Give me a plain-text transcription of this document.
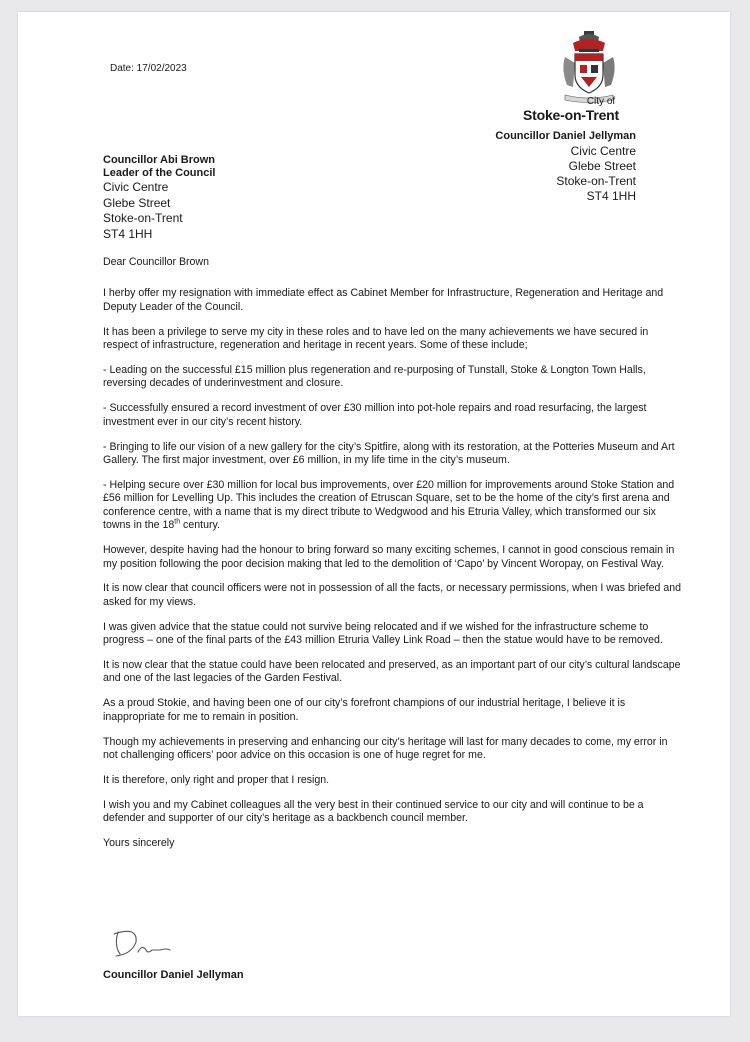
Date: 17/02/2023
City of
Stoke-on-Trent
Councillor Daniel Jellyman
Civic Centre
Glebe Street
Stoke-on-Trent
ST4 1HH
Councillor Abi Brown
Leader of the Council
Civic Centre
Glebe Street
Stoke-on-Trent
ST4 1HH

Dear Councillor Brown

I herby offer my resignation with immediate effect as Cabinet Member for Infrastructure, Regeneration and Heritage and Deputy Leader of the Council.

It has been a privilege to serve my city in these roles and to have led on the many achievements we have secured in respect of infrastructure, regeneration and heritage in recent years. Some of these include;

- Leading on the successful £15 million plus regeneration and re-purposing of Tunstall, Stoke & Longton Town Halls, reversing decades of underinvestment and closure.

- Successfully ensured a record investment of over £30 million into pot-hole repairs and road resurfacing, the largest investment ever in our city’s recent history.

- Bringing to life our vision of a new gallery for the city’s Spitfire, along with its restoration, at the Potteries Museum and Art Gallery. The first major investment, over £6 million, in my life time in the city’s museum.

- Helping secure over £30 million for local bus improvements, over £20 million for improvements around Stoke Station and £56 million for Levelling Up. This includes the creation of Etruscan Square, set to be the home of the city’s first arena and conference centre, with a name that is my direct tribute to Wedgwood and his Etruria Valley, which transformed our six towns in the 18th century.

However, despite having had the honour to bring forward so many exciting schemes, I cannot in good conscious remain in my position following the poor decision making that led to the demolition of ‘Capo’ by Vincent Woropay, on Festival Way.

It is now clear that council officers were not in possession of all the facts, or necessary permissions, when I was briefed and asked for my views.

I was given advice that the statue could not survive being relocated and if we wished for the infrastructure scheme to progress – one of the final parts of the £43 million Etruria Valley Link Road – then the statue would have to be removed.

It is now clear that the statue could have been relocated and preserved, as an important part of our city’s cultural landscape and one of the last legacies of the Garden Festival.

As a proud Stokie, and having been one of our city’s forefront champions of our industrial heritage, I believe it is inappropriate for me to remain in position.

Though my achievements in preserving and enhancing our city’s heritage will last for many decades to come, my error in not challenging officers’ poor advice on this occasion is one of huge regret for me.

It is therefore, only right and proper that I resign.

I wish you and my Cabinet colleagues all the very best in their continued service to our city and will continue to be a defender and supporter of our city’s heritage as a backbench council member.

Yours sincerely

Councillor Daniel Jellyman
